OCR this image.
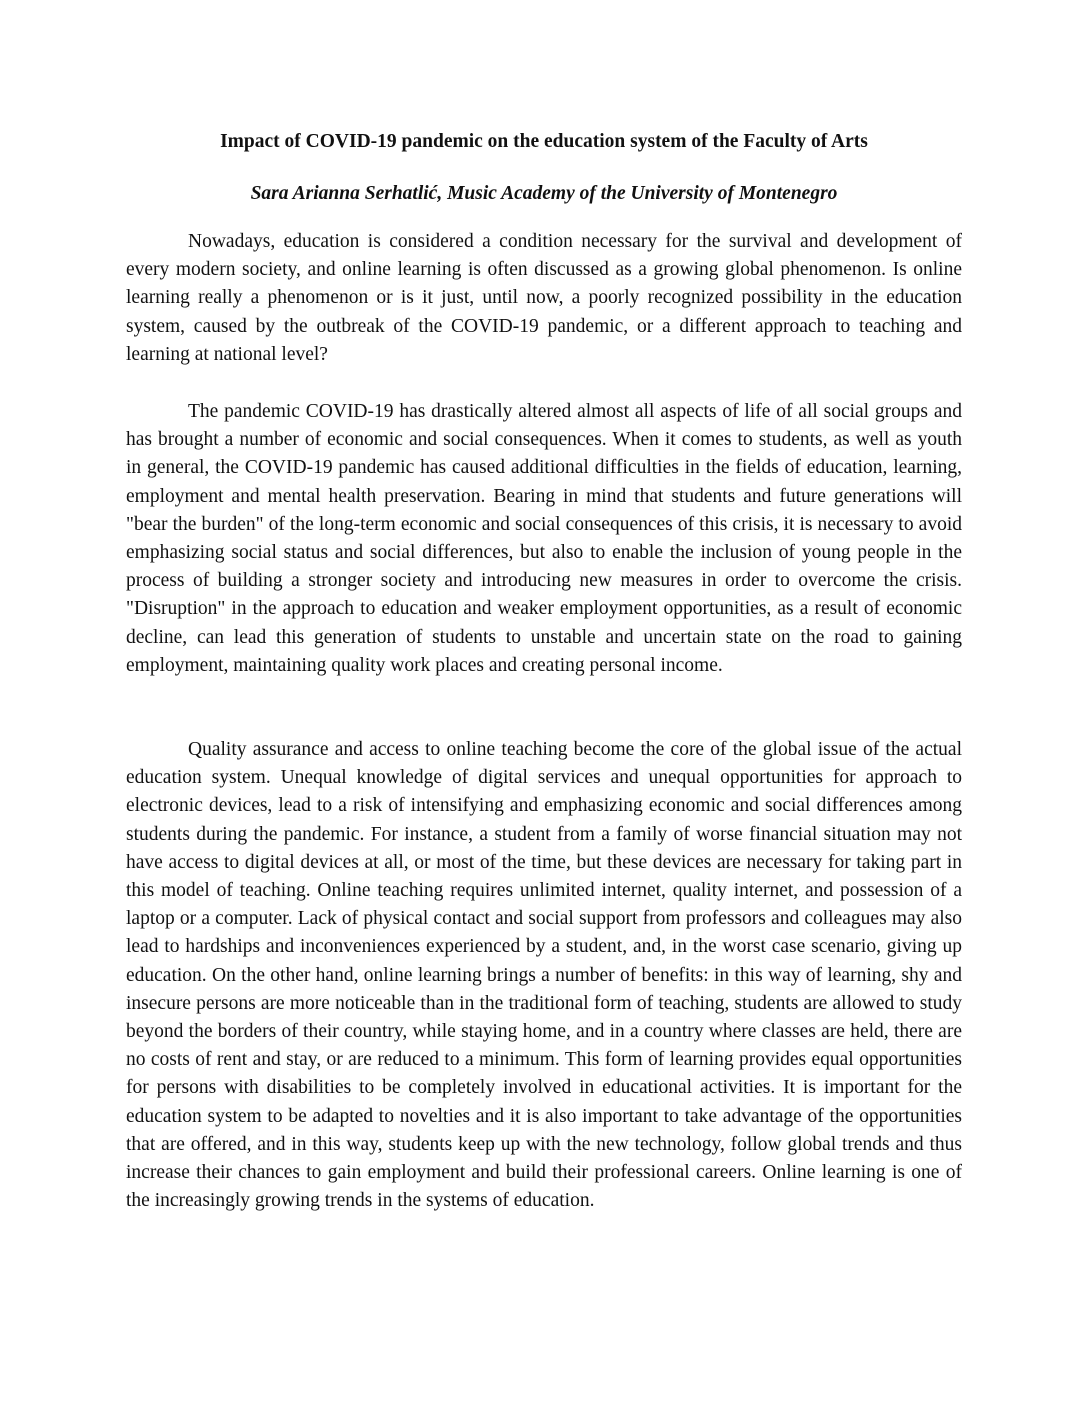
Impact of COVID-19 pandemic on the education system of the Faculty of Arts

Sara Arianna Serhatlić, Music Academy of the University of Montenegro

Nowadays, education is considered a condition necessary for the survival and development of every modern society, and online learning is often discussed as a growing global phenomenon. Is online learning really a phenomenon or is it just, until now, a poorly recognized possibility in the education system, caused by the outbreak of the COVID-19 pandemic, or a different approach to teaching and learning at national level?

The pandemic COVID-19 has drastically altered almost all aspects of life of all social groups and has brought a number of economic and social consequences. When it comes to students, as well as youth in general, the COVID-19 pandemic has caused additional difficulties in the fields of education, learning, employment and mental health preservation. Bearing in mind that students and future generations will "bear the burden" of the long-term economic and social consequences of this crisis, it is necessary to avoid emphasizing social status and social differences, but also to enable the inclusion of young people in the process of building a stronger society and introducing new measures in order to overcome the crisis. "Disruption" in the approach to education and weaker employment opportunities, as a result of economic decline, can lead this generation of students to unstable and uncertain state on the road to gaining employment, maintaining quality work places and creating personal income.

Quality assurance and access to online teaching become the core of the global issue of the actual education system. Unequal knowledge of digital services and unequal opportunities for approach to electronic devices, lead to a risk of intensifying and emphasizing economic and social differences among students during the pandemic. For instance, a student from a family of worse financial situation may not have access to digital devices at all, or most of the time, but these devices are necessary for taking part in this model of teaching. Online teaching requires unlimited internet, quality internet, and possession of a laptop or a computer. Lack of physical contact and social support from professors and colleagues may also lead to hardships and inconveniences experienced by a student, and, in the worst case scenario, giving up education. On the other hand, online learning brings a number of benefits: in this way of learning, shy and insecure persons are more noticeable than in the traditional form of teaching, students are allowed to study beyond the borders of their country, while staying home, and in a country where classes are held, there are no costs of rent and stay, or are reduced to a minimum. This form of learning provides equal opportunities for persons with disabilities to be completely involved in educational activities. It is important for the education system to be adapted to novelties and it is also important to take advantage of the opportunities that are offered, and in this way, students keep up with the new technology, follow global trends and thus increase their chances to gain employment and build their professional careers. Online learning is one of the increasingly growing trends in the systems of education.
